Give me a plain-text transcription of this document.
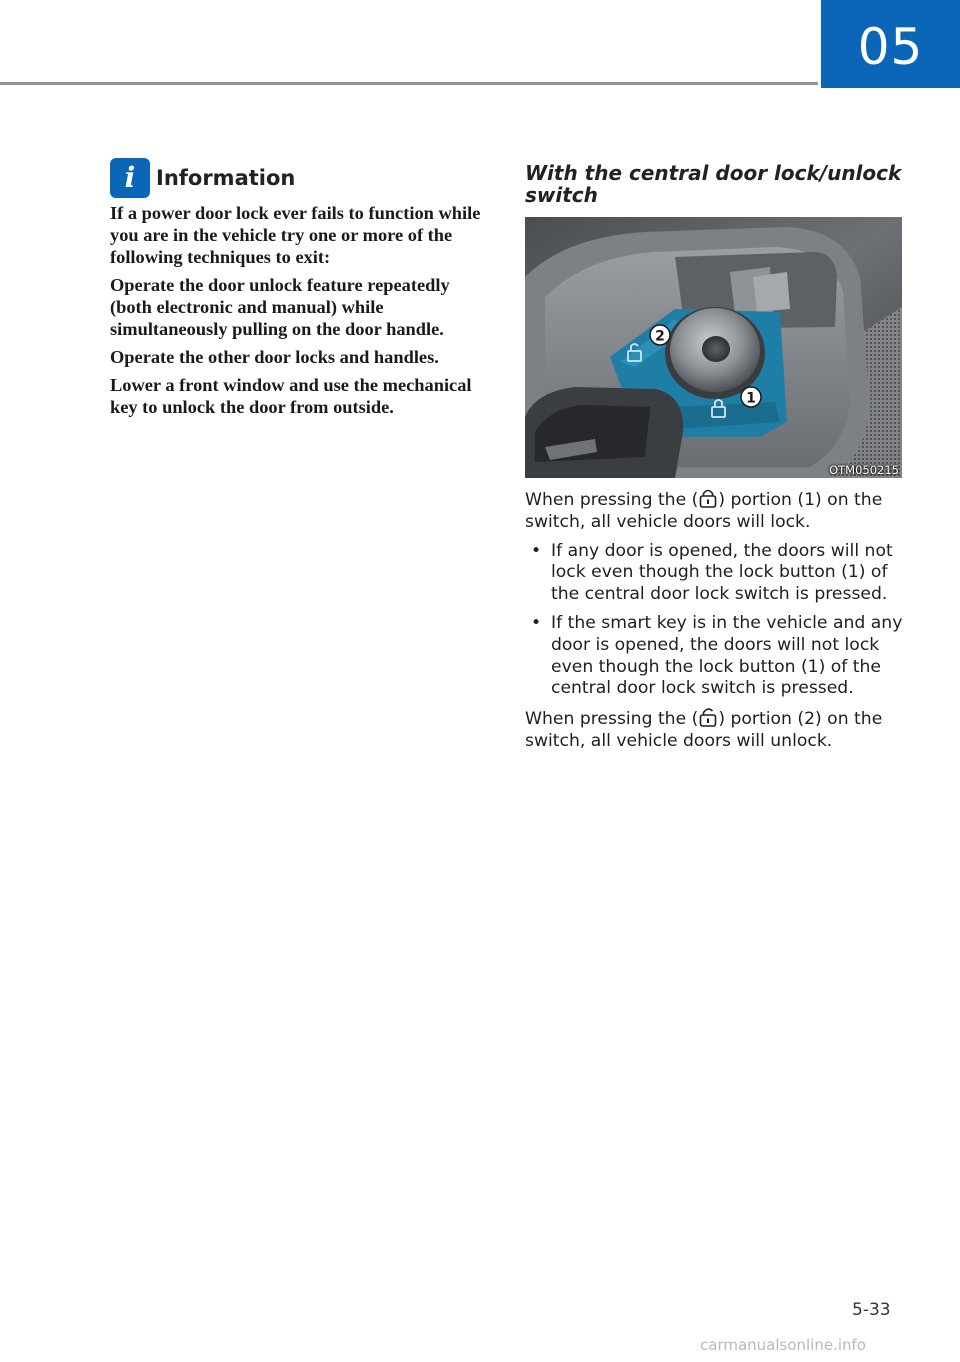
05
i Information

If a power door lock ever fails to function while you are in the vehicle try one or more of the following techniques to exit:

Operate the door unlock feature repeatedly (both electronic and manual) while simultaneously pulling on the door handle.

Operate the other door locks and handles.

Lower a front window and use the mechanical key to unlock the door from outside.

With the central door lock/unlock switch
2
1
OTM050215

When pressing the ( ) portion (1) on the switch, all vehicle doors will lock.

• If any door is opened, the doors will not lock even though the lock button (1) of the central door lock switch is pressed.
• If the smart key is in the vehicle and any door is opened, the doors will not lock even though the lock button (1) of the central door lock switch is pressed.

When pressing the ( ) portion (2) on the switch, all vehicle doors will unlock.

5-33
carmanualsonline.info
